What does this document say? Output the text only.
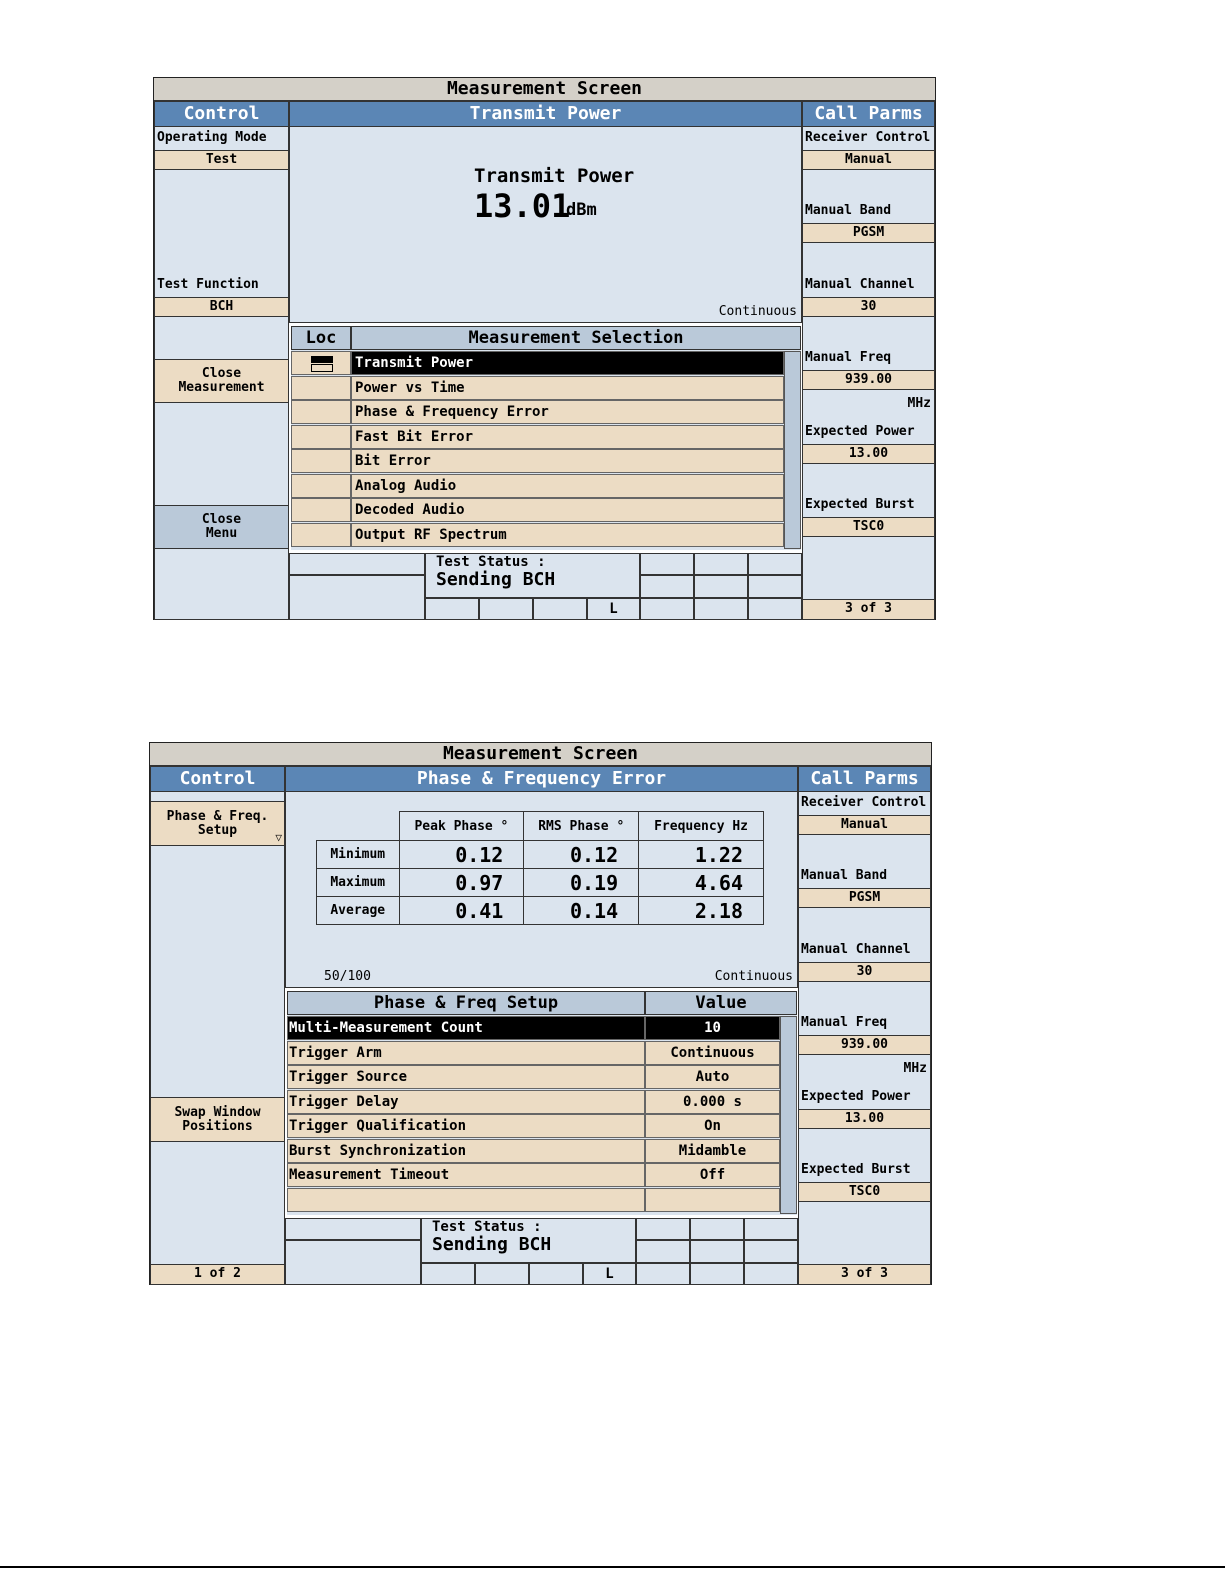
Measurement Screen
Control
Operating Mode
Test
Test Function
BCH
Close
Measurement
Close
Menu
Transmit Power
Transmit Power
13.01
dBm
Continuous
Loc	Measurement Selection
Transmit Power
Power vs Time
Phase & Frequency Error
Fast Bit Error
Bit Error
Analog Audio
Decoded Audio
Output RF Spectrum
Test Status :
Sending BCH
L
Call Parms
Receiver Control
Manual
Manual Band
PGSM
Manual Channel
30
Manual Freq
939.00
MHz
Expected Power
13.00
Expected Burst
TSC0
3 of 3
Measurement Screen
Control
Phase & Freq.
Setup	▽
Swap Window
Positions
1 of 2
Phase & Frequency Error
	Peak Phase °	RMS Phase °	Frequency Hz
Minimum	0.12	0.12	1.22
Maximum	0.97	0.19	4.64
Average	0.41	0.14	2.18
50/100	Continuous
Phase & Freq Setup	Value
Multi-Measurement Count	10
Trigger Arm	Continuous
Trigger Source	Auto
Trigger Delay	0.000 s
Trigger Qualification	On
Burst Synchronization	Midamble
Measurement Timeout	Off
Test Status :
Sending BCH
L
Call Parms
Receiver Control
Manual
Manual Band
PGSM
Manual Channel
30
Manual Freq
939.00
MHz
Expected Power
13.00
Expected Burst
TSC0
3 of 3
